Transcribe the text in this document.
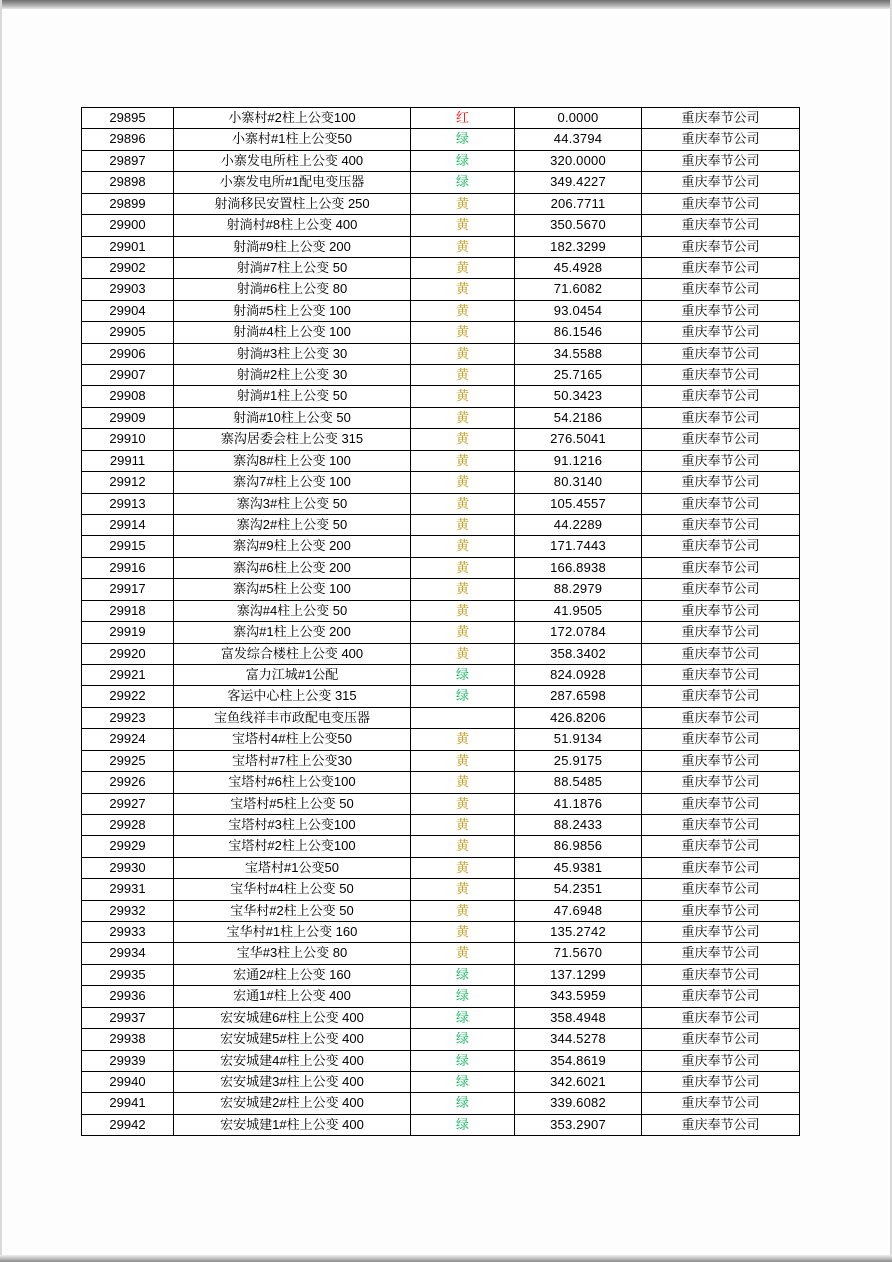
29895	小寨村#2柱上公变100	红	0.0000	重庆奉节公司
29896	小寨村#1柱上公变50	绿	44.3794	重庆奉节公司
29897	小寨发电所柱上公变 400	绿	320.0000	重庆奉节公司
29898	小寨发电所#1配电变压器	绿	349.4227	重庆奉节公司
29899	射淌移民安置柱上公变 250	黄	206.7711	重庆奉节公司
29900	射淌村#8柱上公变 400	黄	350.5670	重庆奉节公司
29901	射淌#9柱上公变 200	黄	182.3299	重庆奉节公司
29902	射淌#7柱上公变 50	黄	45.4928	重庆奉节公司
29903	射淌#6柱上公变 80	黄	71.6082	重庆奉节公司
29904	射淌#5柱上公变 100	黄	93.0454	重庆奉节公司
29905	射淌#4柱上公变 100	黄	86.1546	重庆奉节公司
29906	射淌#3柱上公变 30	黄	34.5588	重庆奉节公司
29907	射淌#2柱上公变 30	黄	25.7165	重庆奉节公司
29908	射淌#1柱上公变 50	黄	50.3423	重庆奉节公司
29909	射淌#10柱上公变 50	黄	54.2186	重庆奉节公司
29910	寨沟居委会柱上公变 315	黄	276.5041	重庆奉节公司
29911	寨沟8#柱上公变 100	黄	91.1216	重庆奉节公司
29912	寨沟7#柱上公变 100	黄	80.3140	重庆奉节公司
29913	寨沟3#柱上公变 50	黄	105.4557	重庆奉节公司
29914	寨沟2#柱上公变 50	黄	44.2289	重庆奉节公司
29915	寨沟#9柱上公变 200	黄	171.7443	重庆奉节公司
29916	寨沟#6柱上公变 200	黄	166.8938	重庆奉节公司
29917	寨沟#5柱上公变 100	黄	88.2979	重庆奉节公司
29918	寨沟#4柱上公变 50	黄	41.9505	重庆奉节公司
29919	寨沟#1柱上公变 200	黄	172.0784	重庆奉节公司
29920	富发综合楼柱上公变 400	黄	358.3402	重庆奉节公司
29921	富力江城#1公配	绿	824.0928	重庆奉节公司
29922	客运中心柱上公变 315	绿	287.6598	重庆奉节公司
29923	宝鱼线祥丰市政配电变压器		426.8206	重庆奉节公司
29924	宝塔村4#柱上公变50	黄	51.9134	重庆奉节公司
29925	宝塔村#7柱上公变30	黄	25.9175	重庆奉节公司
29926	宝塔村#6柱上公变100	黄	88.5485	重庆奉节公司
29927	宝塔村#5柱上公变 50	黄	41.1876	重庆奉节公司
29928	宝塔村#3柱上公变100	黄	88.2433	重庆奉节公司
29929	宝塔村#2柱上公变100	黄	86.9856	重庆奉节公司
29930	宝塔村#1公变50	黄	45.9381	重庆奉节公司
29931	宝华村#4柱上公变 50	黄	54.2351	重庆奉节公司
29932	宝华村#2柱上公变 50	黄	47.6948	重庆奉节公司
29933	宝华村#1柱上公变 160	黄	135.2742	重庆奉节公司
29934	宝华#3柱上公变 80	黄	71.5670	重庆奉节公司
29935	宏通2#柱上公变 160	绿	137.1299	重庆奉节公司
29936	宏通1#柱上公变 400	绿	343.5959	重庆奉节公司
29937	宏安城建6#柱上公变 400	绿	358.4948	重庆奉节公司
29938	宏安城建5#柱上公变 400	绿	344.5278	重庆奉节公司
29939	宏安城建4#柱上公变 400	绿	354.8619	重庆奉节公司
29940	宏安城建3#柱上公变 400	绿	342.6021	重庆奉节公司
29941	宏安城建2#柱上公变 400	绿	339.6082	重庆奉节公司
29942	宏安城建1#柱上公变 400	绿	353.2907	重庆奉节公司
